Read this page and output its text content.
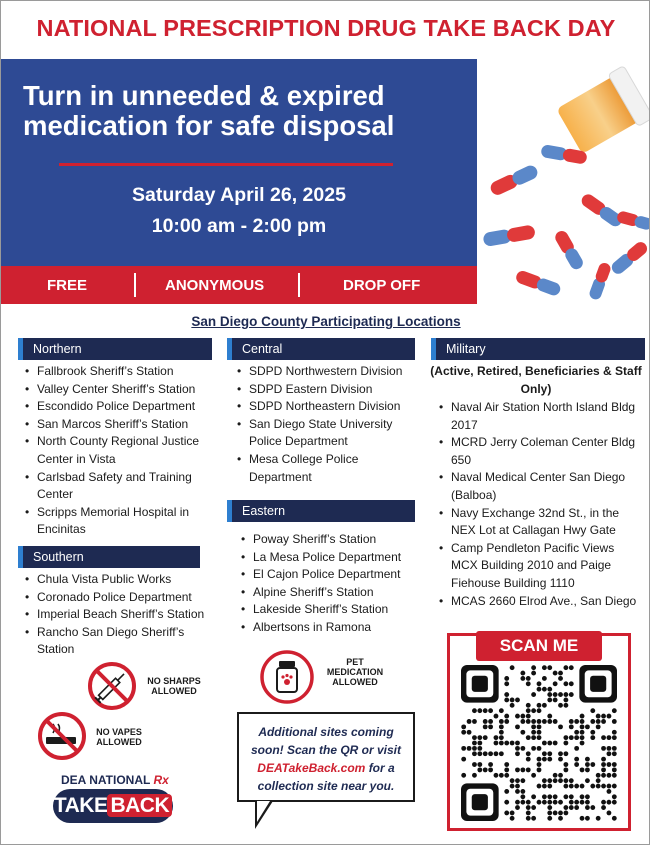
NATIONAL PRESCRIPTION DRUG TAKE BACK DAY
Turn in unneeded & expired
medication for safe disposal
Saturday April 26, 2025
10:00 am - 2:00 pm
FREE	ANONYMOUS	DROP OFF
San Diego County Participating Locations
Northern
• Fallbrook Sheriff’s Station
• Valley Center Sheriff’s Station
• Escondido Police Department
• San Marcos Sheriff’s Station
• North County Regional Justice Center in Vista
• Carlsbad Safety and Training Center
• Scripps Memorial Hospital in Encinitas
Southern
• Chula Vista Public Works
• Coronado Police Department
• Imperial Beach Sheriff’s Station
• Rancho San Diego Sheriff’s Station
Central
• SDPD Northwestern Division
• SDPD Eastern Division
• SDPD Northeastern Division
• San Diego State University Police Department
• Mesa College Police Department
Eastern
• Poway Sheriff’s Station
• La Mesa Police Department
• El Cajon Police Department
• Alpine Sheriff’s Station
• Lakeside Sheriff’s Station
• Albertsons in Ramona
Military
(Active, Retired, Beneficiaries & Staff Only)
• Naval Air Station North Island Bldg 2017
• MCRD Jerry Coleman Center Bldg 650
• Naval Medical Center San Diego (Balboa)
• Navy Exchange 32nd St., in the NEX Lot at Callagan Hwy Gate
• Camp Pendleton Pacific Views MCX Building 2010 and Paige Fiehouse Building 1110
• MCAS 2660 Elrod Ave., San Diego
NO SHARPS ALLOWED
NO VAPES ALLOWED
PET MEDICATION ALLOWED
Additional sites coming soon! Scan the QR or visit DEATakeBack.com for a collection site near you.
DEA NATIONAL Rx
TAKE BACK
SCAN ME
